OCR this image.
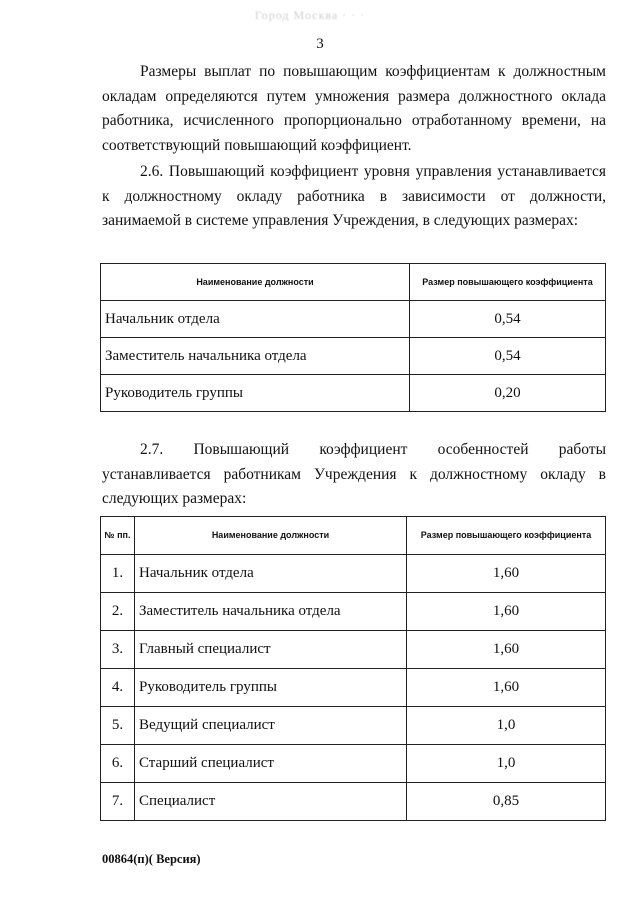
Город Москва · · ·
3

Размеры выплат по повышающим коэффициентам к должностным окладам определяются путем умножения размера должностного оклада работника, исчисленного пропорционально отработанному времени, на соответствующий повышающий коэффициент.

2.6. Повышающий коэффициент уровня управления устанавливается к должностному окладу работника в зависимости от должности, занимаемой в системе управления Учреждения, в следующих размерах:

Наименование должности	Размер повышающего коэффициента
Начальник отдела	0,54
Заместитель начальника отдела	0,54
Руководитель группы	0,20

2.7. Повышающий коэффициент особенностей работы устанавливается работникам Учреждения к должностному окладу в следующих размерах:

№ пп.	Наименование должности	Размер повышающего коэффициента
1.	Начальник отдела	1,60
2.	Заместитель начальника отдела	1,60
3.	Главный специалист	1,60
4.	Руководитель группы	1,60
5.	Ведущий специалист	1,0
6.	Старший специалист	1,0
7.	Специалист	0,85
00864(п)( Версия)
